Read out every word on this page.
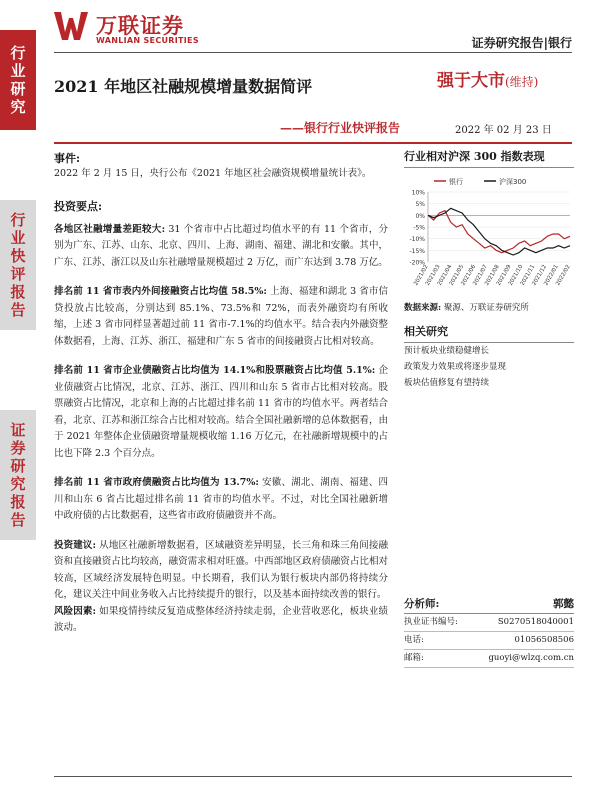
万联证券
WANLIAN SECURITIES	证券研究报告|银行
行
业
研
究
行
业
快
评
报
告
证
券
研
究
报
告
2021 年地区社融规模增量数据简评
——银行行业快评报告
强于大市(维持)
2022 年 02 月 23 日
事件:
2022 年 2 月 15 日，央行公布《2021 年地区社会融资规模增量统计表》。
投资要点:
各地区社融增量差距较大: 31 个省市中占比超过均值水平的有 11 个省市，分别为广东、江苏、山东、北京、四川、上海、湖南、福建、湖北和安徽。其中，广东、江苏、浙江以及山东社融增量规模超过 2 万亿，而广东达到 3.78 万亿。
排名前 11 省市表内外间接融资占比均值 58.5%: 上海、福建和湖北 3 省市信贷投放占比较高，分别达到 85.1%、73.5%和 72%，而表外融资均有所收缩，上述 3 省市同样显著超过前 11 省市-7.1%的均值水平。结合表内外融资整体数据看，上海、江苏、浙江、福建和广东 5 省市的间接融资占比相对较高。
排名前 11 省市企业债融资占比均值为 14.1%和股票融资占比均值 5.1%: 企业债融资占比情况，北京、江苏、浙江、四川和山东 5 省市占比相对较高。股票融资占比情况，北京和上海的占比超过排名前 11 省市的均值水平。两者结合看，北京、江苏和浙江综合占比相对较高。结合全国社融新增的总体数据看，由于 2021 年整体企业债融资增量规模收缩 1.16 万亿元，在社融新增规模中的占比也下降 2.3 个百分点。
排名前 11 省市政府债融资占比均值为 13.7%: 安徽、湖北、湖南、福建、四川和山东 6 省占比超过排名前 11 省市的均值水平。不过，对比全国社融新增中政府债的占比数据看，这些省市政府债融资并不高。
投资建议: 从地区社融新增数据看，区域融资差异明显，长三角和珠三角间接融资和直接融资占比均较高，融资需求相对旺盛。中西部地区政府债融资占比相对较高，区域经济发展特色明显。中长期看，我们认为银行板块内部仍将持续分化，建议关注中间业务收入占比持续提升的银行，以及基本面持续改善的银行。
风险因素: 如果疫情持续反复造成整体经济持续走弱，企业营收恶化，板块业绩波动。
行业相对沪深 300 指数表现
银行	沪深300
10%
5%
0%
-5%
-10%
-15%
-20%
2021/02
2021/03
2021/04
2021/05
2021/06
2021/07
2021/08
2021/09
2021/10
2021/11
2021/12
2022/01
2022/02
数据来源: 聚源、万联证券研究所
相关研究
预计板块业绩稳健增长
政策发力效果或将逐步显现
板块估值修复有望持续
分析师:	郭懿
执业证书编号:	S0270518040001
电话:	01056508506
邮箱:	guoyi@wlzq.com.cn
